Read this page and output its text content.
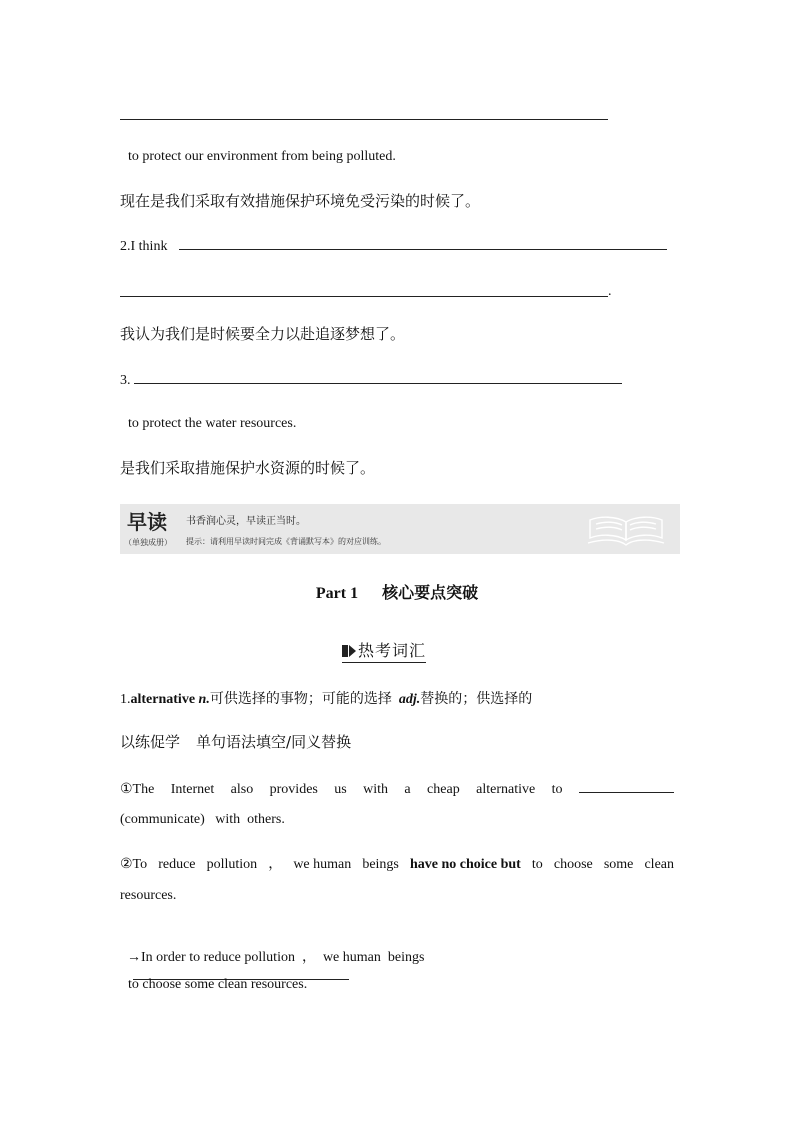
to protect our environment from being polluted.
现在是我们采取有效措施保护环境免受污染的时候了。
2.I think
.
我认为我们是时候要全力以赴追逐梦想了。
3.
to protect the water resources.
是我们采取措施保护水资源的时候了。
早读
（单独成册）
书香润心灵，早读正当时。
提示：请利用早读时间完成《背诵默写本》的对应训练。
Part 1      核心要点突破
热考词汇
1.alternative n.可供选择的事物；可能的选择 adj.替换的；供选择的
以练促学 单句语法填空/同义替换
①The Internet also provides us with a cheap alternative to
(communicate)   with  others.
②To reduce pollution ， we human beings have no choice but to choose some clean
resources.

→In order to reduce pollution  ，  we human  beings

to choose some clean resources.
